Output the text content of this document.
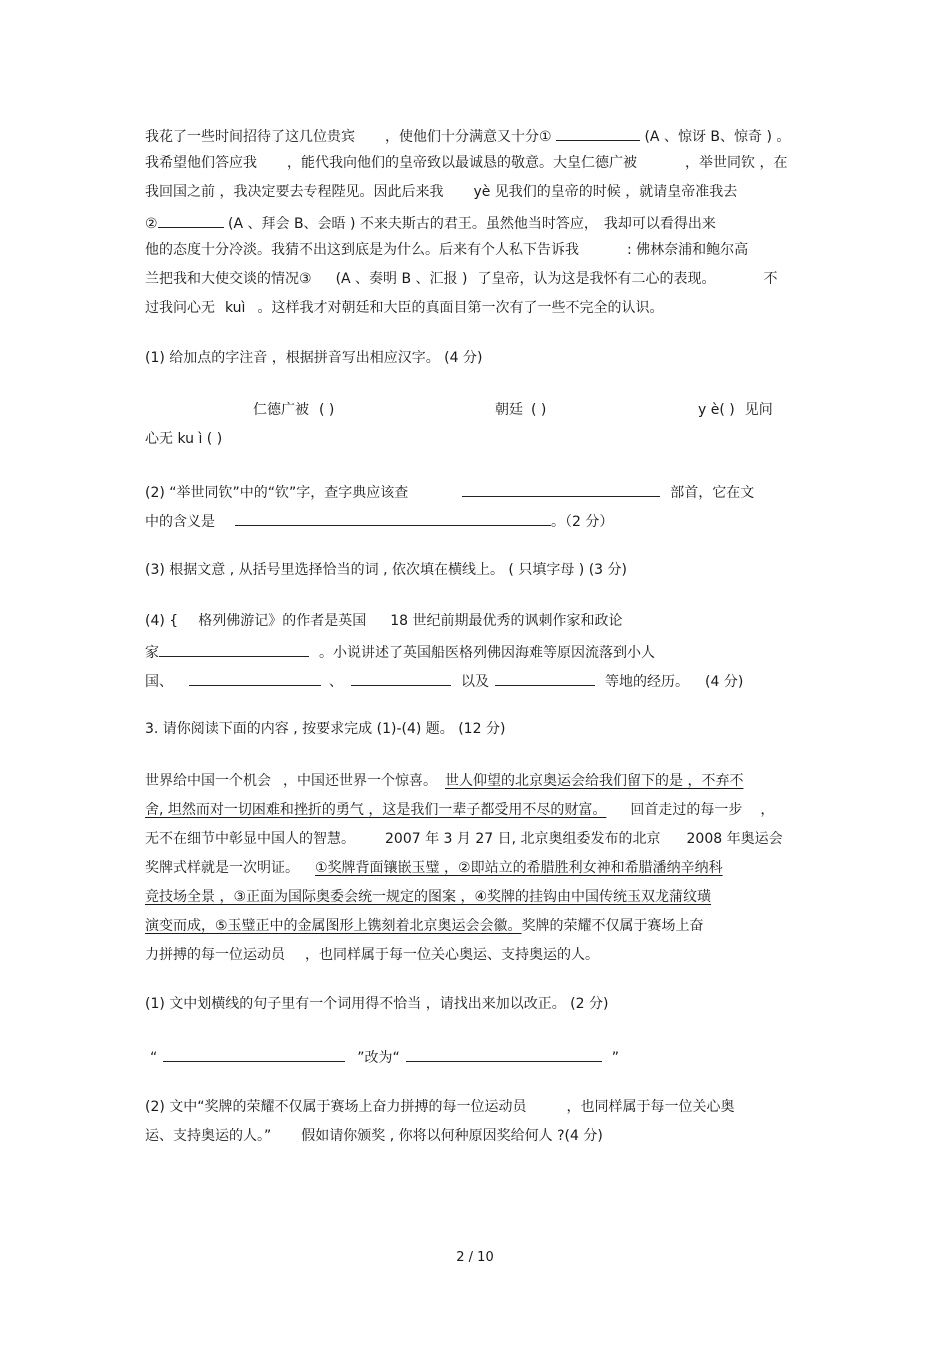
我花了一些时间招待了这几位贵宾 ，使他们十分满意又十分①	(A 、惊讶 B、惊奇 ) 。
我希望他们答应我 ，能代我向他们的皇帝致以最诚恳的敬意。大皇仁德广被	，举世同钦 ，在
我回国之前 ，我决定要去专程陛见。因此后来我 yè 见我们的皇帝的时候 ，就请皇帝准我去
②	(A 、拜会 B、会晤 ) 不来夫斯古的君王。虽然他当时答应， 我却可以看得出来
他的态度十分冷淡。我猜不出这到底是为什么。后来有个人私下告诉我	: 佛林奈浦和鲍尔高
兰把我和大使交谈的情况③ (A 、奏明 B 、汇报 ) 了皇帝，认为这是我怀有二心的表现。	不
过我问心无 kuì 。这样我才对朝廷和大臣的真面目第一次有了一些不完全的认识。
(1) 给加点的字注音 ，根据拼音写出相应汉字。 (4 分)
仁德广被 ( )	朝廷 ( )	y è( ) 见问
心无 ku ì ( )
(2) “举世同钦”中的“钦”字，查字典应该查	部首，它在文
中的含义是	。（2 分）
(3) 根据文意 , 从括号里选择恰当的词 , 依次填在横线上。 ( 只填字母 ) (3 分)
(4) { 格列佛游记》的作者是英国 18 世纪前期最优秀的讽刺作家和政论
家	。小说讲述了英国船医格列佛因海难等原因流落到小人
国、	、	以及	等地的经历。 (4 分)
3. 请你阅读下面的内容 , 按要求完成 (1)-(4) 题。 (12 分)
世界给中国一个机会 ，中国还世界一个惊喜。 世人仰望的北京奥运会给我们留下的是 ，不弃不
舍, 坦然而对一切困难和挫折的勇气 ，这是我们一辈子都受用不尽的财富。 回首走过的每一步 ，
无不在细节中彰显中国人的智慧。 2007 年 3 月 27 日, 北京奥组委发布的北京 2008 年奥运会
奖牌式样就是一次明证。 ①奖牌背面镶嵌玉璧 ，②即站立的希腊胜利女神和希腊潘纳辛纳科
竞技场全景 ，③正面为国际奥委会统一规定的图案 ，④奖牌的挂钩由中国传统玉双龙蒲纹璜
演变而成，⑤玉璧正中的金属图形上镌刻着北京奥运会会徽。奖牌的荣耀不仅属于赛场上奋
力拼搏的每一位运动员 ，也同样属于每一位关心奥运、支持奥运的人。
(1) 文中划横线的句子里有一个词用得不恰当 ，请找出来加以改正。 (2 分)
“	”改为“	”
(2) 文中“奖牌的荣耀不仅属于赛场上奋力拼搏的每一位运动员	，也同样属于每一位关心奥
运、支持奥运的人。” 假如请你颁奖 , 你将以何种原因奖给何人 ?(4 分)
2 / 10
